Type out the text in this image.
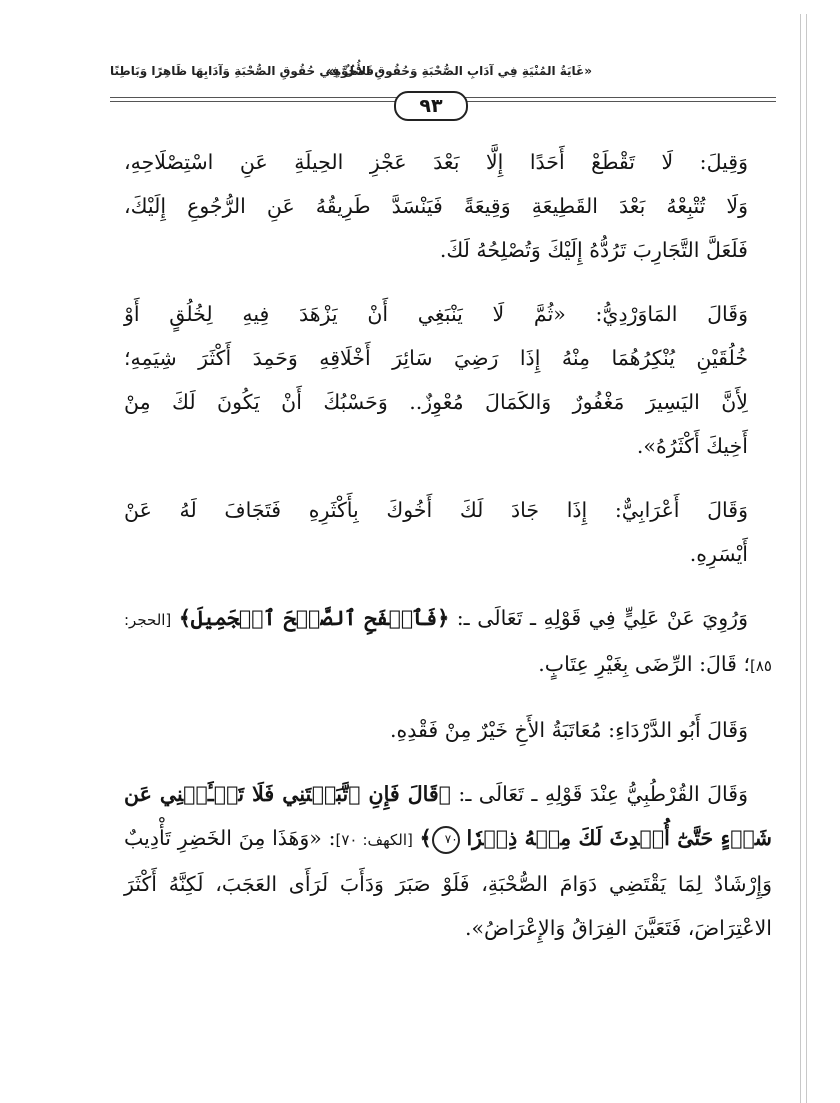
«غَايَةُ المُنْيَةِ فِي آدَابِ الصُّحْبَةِ وَحُقُوقِ الأُخُوَّةِ»
فَصْلٌ فِي حُقُوقِ الصُّحْبَةِ وَآدَابِهَا ظَاهِرًا وَبَاطِنًا
٩٣

وَقِيلَ: لَا تَقْطَعْ أَحَدًا إِلَّا بَعْدَ عَجْزِ الحِيلَةِ عَنِ اسْتِصْلَاحِهِ،
وَلَا تُتْبِعْهُ بَعْدَ القَطِيعَةِ وَقِيعَةً فَيَنْسَدَّ طَرِيقُهُ عَنِ الرُّجُوعِ إِلَيْكَ،
فَلَعَلَّ التَّجَارِبَ تَرُدُّهُ إِلَيْكَ وَتُصْلِحُهُ لَكَ.

وَقَالَ المَاوَرْدِيُّ: «ثُمَّ لَا يَنْبَغِي أَنْ يَزْهَدَ فِيهِ لِخُلُقٍ أَوْ
خُلُقَيْنِ يُنْكِرُهُمَا مِنْهُ إِذَا رَضِيَ سَائِرَ أَخْلَاقِهِ وَحَمِدَ أَكْثَرَ شِيَمِهِ؛
لِأَنَّ اليَسِيرَ مَغْفُورٌ وَالكَمَالَ مُعْوِزٌ.. وَحَسْبُكَ أَنْ يَكُونَ لَكَ مِنْ
أَخِيكَ أَكْثَرُهُ».

وَقَالَ أَعْرَابِيٌّ: إِذَا جَادَ لَكَ أَخُوكَ بِأَكْثَرِهِ فَتَجَافَ لَهُ عَنْ
أَيْسَرِهِ.

وَرُوِيَ عَنْ عَلِيٍّ فِي قَوْلِهِ ـ تَعَالَى ـ: ﴿فَٱصۡفَحِ ٱلصَّفۡحَ ٱلۡجَمِيلَ﴾ [الحجر: ٨٥]؛ قَالَ: الرِّضَى بِغَيْرِ عِتَابٍ.

وَقَالَ أَبُو الدَّرْدَاءِ: مُعَاتَبَةُ الأَخِ خَيْرٌ مِنْ فَقْدِهِ.

وَقَالَ القُرْطُبِيُّ عِنْدَ قَوْلِهِ ـ تَعَالَى ـ: ﴿قَالَ فَإِنِ ٱتَّبَعۡتَنِي فَلَا تَسۡـَٔلۡنِي عَن شَيۡءٍ حَتَّىٰٓ أُحۡدِثَ لَكَ مِنۡهُ ذِكۡرٗا ٧٠﴾ [الكهف: ٧٠]: «وَهَذَا مِنَ الخَضِرِ تَأْدِيبٌ وَإِرْشَادٌ لِمَا يَقْتَضِي دَوَامَ الصُّحْبَةِ، فَلَوْ صَبَرَ وَدَأَبَ لَرَأَى العَجَبَ، لَكِنَّهُ أَكْثَرَ الاعْتِرَاضَ، فَتَعَيَّنَ الفِرَاقُ وَالإِعْرَاضُ».
